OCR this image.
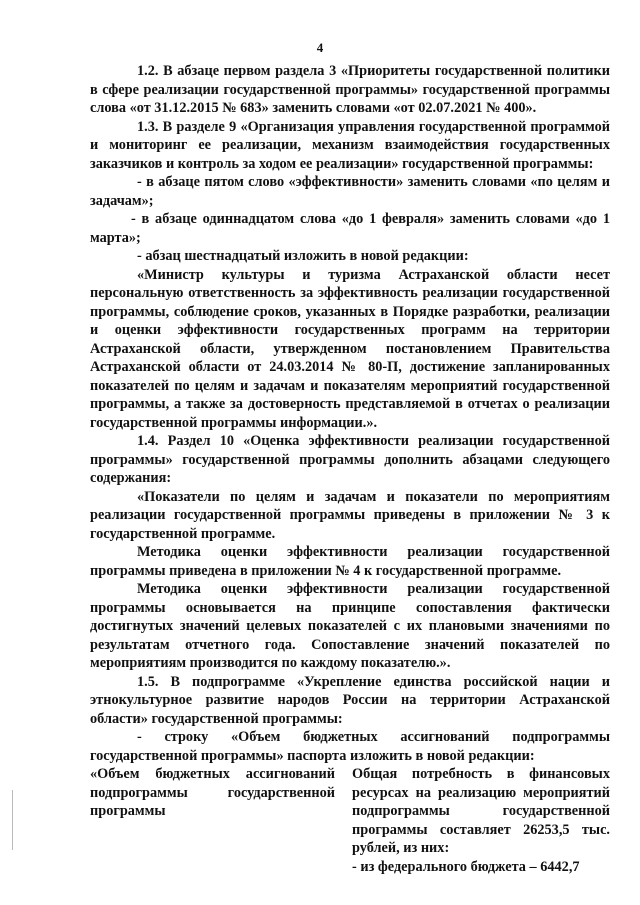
4

1.2. В абзаце первом раздела 3 «Приоритеты государственной политики в сфере реализации государственной программы» государственной программы слова «от 31.12.2015 № 683» заменить словами «от 02.07.2021 № 400».

1.3. В разделе 9 «Организация управления государственной программой и мониторинг ее реализации, механизм взаимодействия государственных заказчиков и контроль за ходом ее реализации» государственной программы:

- в абзаце пятом слово «эффективности» заменить словами «по целям и задачам»;

- в абзаце одиннадцатом слова «до 1 февраля» заменить словами «до 1 марта»;

- абзац шестнадцатый изложить в новой редакции:

«Министр культуры и туризма Астраханской области несет персональную ответственность за эффективность реализации государственной программы, соблюдение сроков, указанных в Порядке разработки, реализации и оценки эффективности государственных программ на территории Астраханской области, утвержденном постановлением Правительства Астраханской области от 24.03.2014 № 80-П, достижение запланированных показателей по целям и задачам и показателям мероприятий государственной программы, а также за достоверность представляемой в отчетах о реализации государственной программы информации.».

1.4. Раздел 10 «Оценка эффективности реализации государственной программы» государственной программы дополнить абзацами следующего содержания:

«Показатели по целям и задачам и показатели по мероприятиям реализации государственной программы приведены в приложении № 3 к государственной программе.

Методика оценки эффективности реализации государственной программы приведена в приложении № 4 к государственной программе.

Методика оценки эффективности реализации государственной программы основывается на принципе сопоставления фактически достигнутых значений целевых показателей с их плановыми значениями по результатам отчетного года. Сопоставление значений показателей по мероприятиям производится по каждому показателю.».

1.5. В подпрограмме «Укрепление единства российской нации и этнокультурное развитие народов России на территории Астраханской области» государственной программы:

- строку «Объем бюджетных ассигнований подпрограммы государственной программы» паспорта изложить в новой редакции:

«Объем бюджетных ассигнований подпрограммы государственной программы

Общая потребность в финансовых ресурсах на реализацию мероприятий подпрограммы государственной программы составляет 26253,5 тыс. рублей, из них:

- из федерального бюджета – 6442,7
